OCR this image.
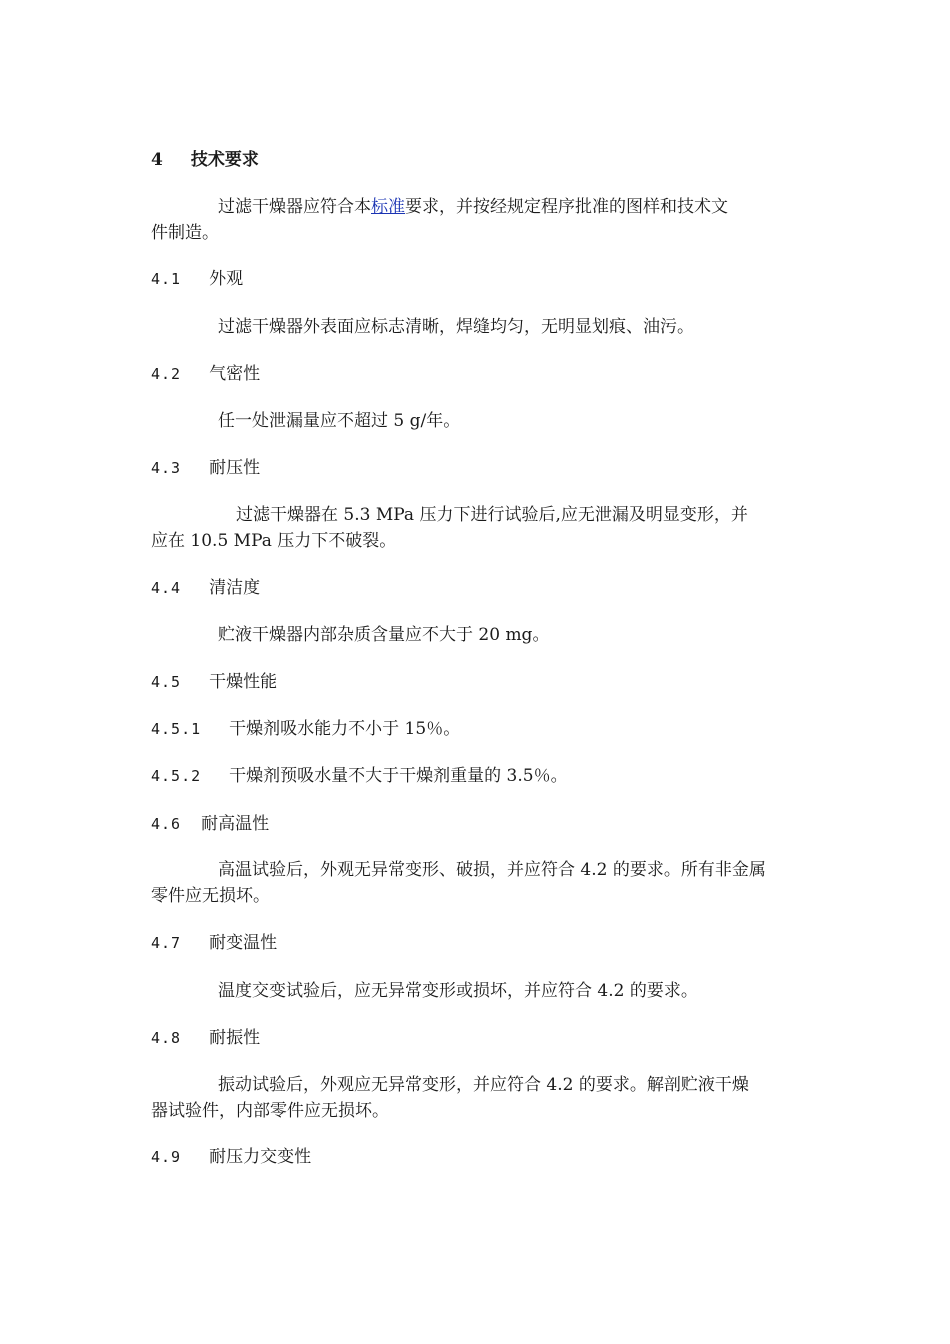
4 技术要求
过滤干燥器应符合本标准要求，并按经规定程序批准的图样和技术文
件制造。
4.1 外观
过滤干燥器外表面应标志清晰，焊缝均匀，无明显划痕、油污。
4.2 气密性
任一处泄漏量应不超过 5 g/年。
4.3 耐压性
过滤干燥器在 5.3 MPa 压力下进行试验后,应无泄漏及明显变形，并
应在 10.5 MPa 压力下不破裂。
4.4 清洁度
贮液干燥器内部杂质含量应不大于 20 mg。
4.5 干燥性能
4.5.1 干燥剂吸水能力不小于 15％。
4.5.2 干燥剂预吸水量不大于干燥剂重量的 3.5％。
4.6 耐高温性
高温试验后，外观无异常变形、破损，并应符合 4.2 的要求。所有非金属
零件应无损坏。
4.7 耐变温性
温度交变试验后，应无异常变形或损坏，并应符合 4.2 的要求。
4.8 耐振性
振动试验后，外观应无异常变形，并应符合 4.2 的要求。解剖贮液干燥
器试验件，内部零件应无损坏。
4.9 耐压力交变性
